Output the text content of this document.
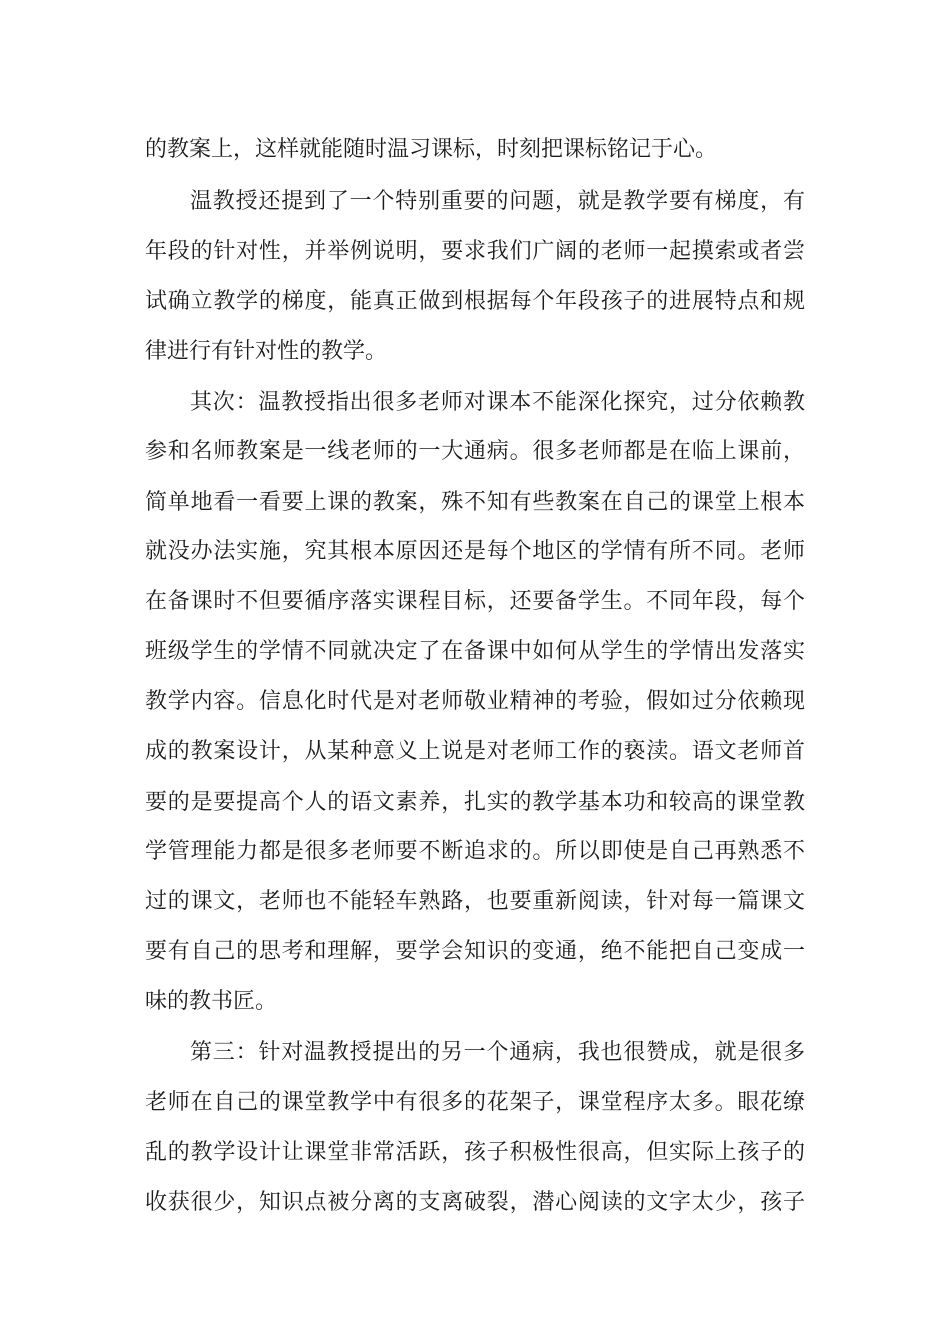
的教案上，这样就能随时温习课标，时刻把课标铭记于心。
温教授还提到了一个特别重要的问题，就是教学要有梯度，有
年段的针对性，并举例说明，要求我们广阔的老师一起摸索或者尝
试确立教学的梯度，能真正做到根据每个年段孩子的进展特点和规
律进行有针对性的教学。
其次：温教授指出很多老师对课本不能深化探究，过分依赖教
参和名师教案是一线老师的一大通病。很多老师都是在临上课前，
简单地看一看要上课的教案，殊不知有些教案在自己的课堂上根本
就没办法实施，究其根本原因还是每个地区的学情有所不同。老师
在备课时不但要循序落实课程目标，还要备学生。不同年段，每个
班级学生的学情不同就决定了在备课中如何从学生的学情出发落实
教学内容。信息化时代是对老师敬业精神的考验，假如过分依赖现
成的教案设计，从某种意义上说是对老师工作的亵渎。语文老师首
要的是要提高个人的语文素养，扎实的教学基本功和较高的课堂教
学管理能力都是很多老师要不断追求的。所以即使是自己再熟悉不
过的课文，老师也不能轻车熟路，也要重新阅读，针对每一篇课文
要有自己的思考和理解，要学会知识的变通，绝不能把自己变成一
味的教书匠。
第三：针对温教授提出的另一个通病，我也很赞成，就是很多
老师在自己的课堂教学中有很多的花架子，课堂程序太多。眼花缭
乱的教学设计让课堂非常活跃，孩子积极性很高，但实际上孩子的
收获很少，知识点被分离的支离破裂，潜心阅读的文字太少，孩子
